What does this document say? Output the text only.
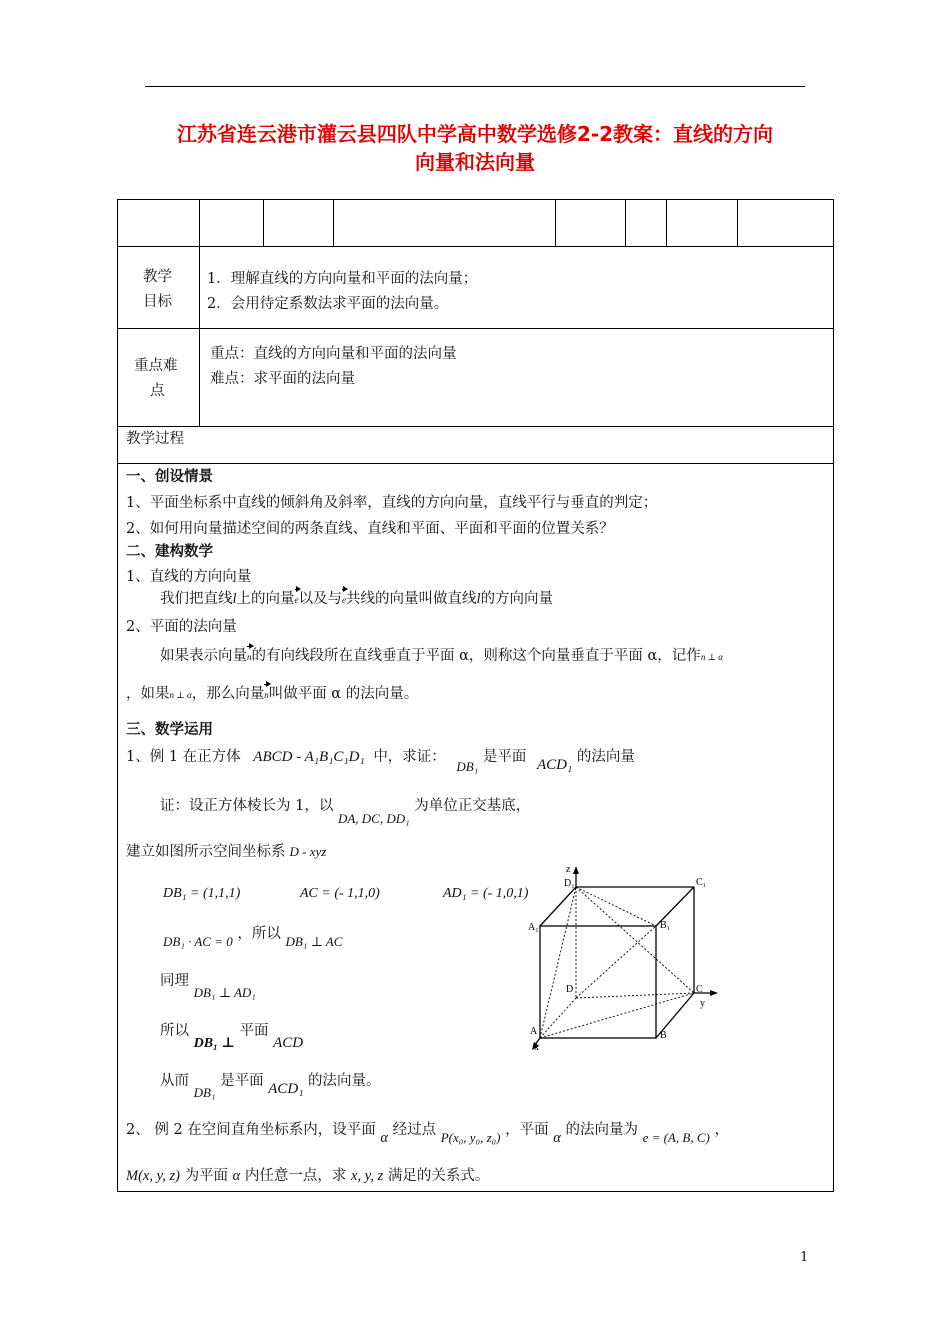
江苏省连云港市灌云县四队中学高中数学选修2-2教案：直线的方向
向量和法向量
教学
目标
1．理解直线的方向向量和平面的法向量；
2．会用待定系数法求平面的法向量。
重点难
点
重点：直线的方向向量和平面的法向量
难点：求平面的法向量
教学过程
一、创设情景
1、平面坐标系中直线的倾斜角及斜率，直线的方向向量，直线平行与垂直的判定；
2、如何用向量描述空间的两条直线、直线和平面、平面和平面的位置关系？
二、建构数学
1、直线的方向向量
我们把直线l上的向量e以及与e共线的向量叫做直线l的方向向量
2、平面的法向量
如果表示向量n的有向线段所在直线垂直于平面 α，则称这个向量垂直于平面 α，记作n ⊥ α
，如果n ⊥ α，那么向量n叫做平面 α 的法向量。
三、数学运用
1、例 1 在正方体 ABCD - A₁B₁C₁D₁ 中，求证： DB₁ 是平面 ACD₁ 的法向量
证：设正方体棱长为 1，以 DA, DC, DD₁ 为单位正交基底，
建立如图所示空间坐标系 D - xyz
DB₁ = (1,1,1)	AC = (- 1,1,0)	AD₁ = (- 1,0,1)
DB₁ · AC = 0 ，所以 DB₁ ⊥ AC
同理 DB₁ ⊥ AD₁
所以 DB₁ ⊥ 平面 ACD
从而 DB₁ 是平面 ACD₁ 的法向量。
2、 例 2 在空间直角坐标系内，设平面 α 经过点 P(x₀, y₀, z₀) ，平面 α 的法向量为 e = (A, B, C) ，
M(x, y, z) 为平面 α 内任意一点，求 x, y, z 满足的关系式。
z
D₁	C₁
A₁	B₁
D	C
y
A	B
x
1
